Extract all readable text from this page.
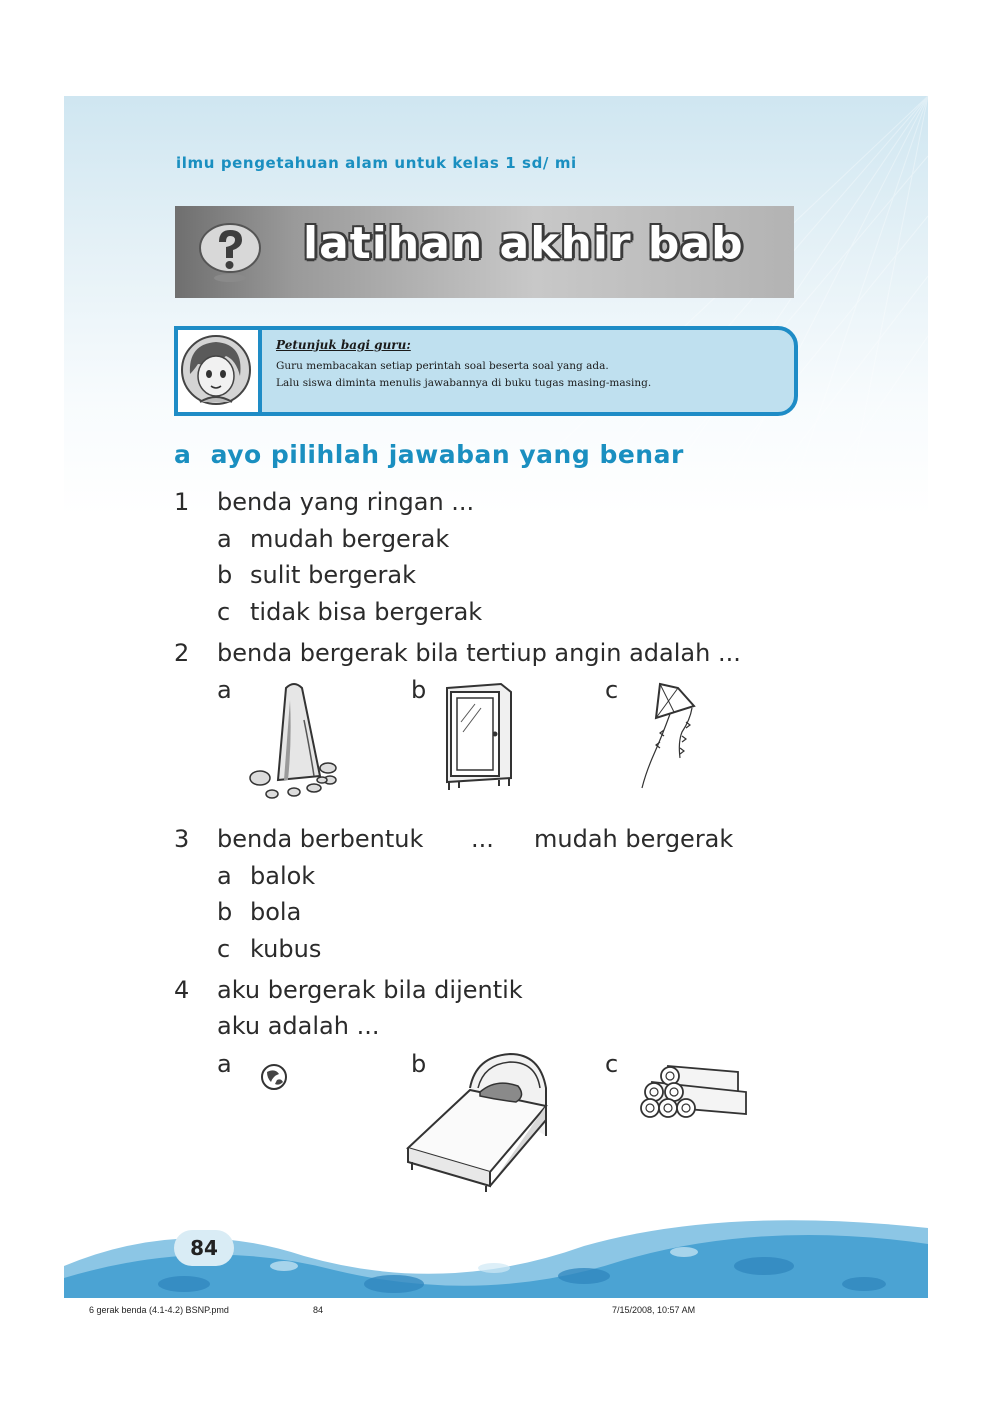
ilmu pengetahuan alam untuk kelas 1 sd/ mi
latihan akhir bab
Petunjuk bagi guru:
Guru membacakan setiap perintah soal beserta soal yang ada.
Lalu siswa diminta menulis jawabannya di buku tugas masing-masing.
a ayo pilihlah jawaban yang benar
1 benda yang ringan ...
a mudah bergerak
b sulit bergerak
c tidak bisa bergerak
2 benda bergerak bila tertiup angin adalah ...
a	b	c
3 benda berbentuk ... mudah bergerak
a balok
b bola
c kubus
4 aku bergerak bila dijentik
aku adalah ...
a	b	c
84
6 gerak benda (4.1-4.2) BSNP.pmd	84	7/15/2008, 10:57 AM
